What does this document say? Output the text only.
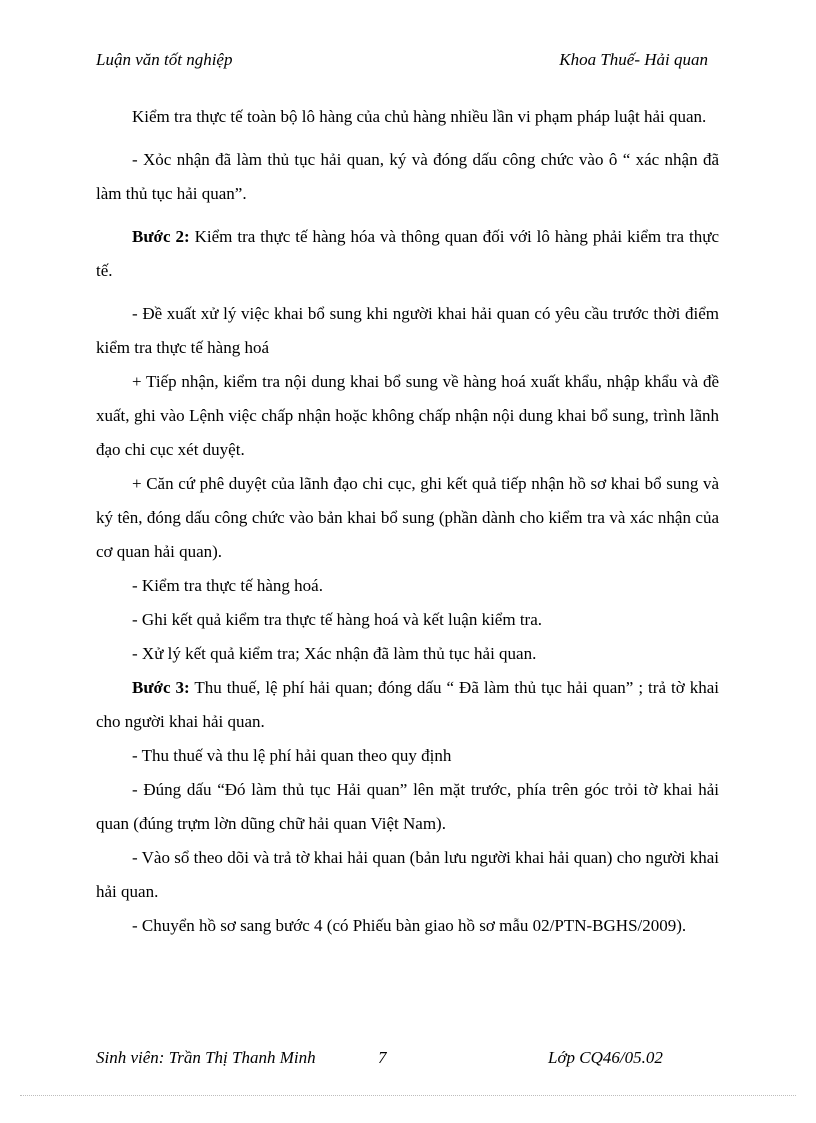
Luận văn tốt nghiệp	Khoa Thuế- Hải quan

Kiểm tra thực tế toàn bộ lô hàng của chủ hàng nhiều lần vi phạm pháp luật hải quan.

- Xỏc nhận đã làm thủ tục hải quan, ký và đóng dấu công chức vào ô “ xác nhận đã làm thủ tục hải quan”.

Bước 2: Kiểm tra thực tế hàng hóa và thông quan đối với lô hàng phải kiểm tra thực tế.

- Đề xuất xử lý việc khai bổ sung khi người khai hải quan có yêu cầu trước thời điểm kiểm tra thực tế hàng hoá

+ Tiếp nhận, kiểm tra nội dung khai bổ sung về hàng hoá xuất khẩu, nhập khẩu và đề xuất, ghi vào Lệnh việc chấp nhận hoặc không chấp nhận nội dung khai bổ sung, trình lãnh đạo chi cục xét duyệt.

+ Căn cứ phê duyệt của lãnh đạo chi cục, ghi kết quả tiếp nhận hồ sơ khai bổ sung và ký tên, đóng dấu công chức vào bản khai bổ sung (phần dành cho kiểm tra và xác nhận của cơ quan hải quan).

- Kiểm tra thực tế hàng hoá.

- Ghi kết quả kiểm tra thực tế hàng hoá và kết luận kiểm tra.

- Xử lý kết quả kiểm tra; Xác nhận đã làm thủ tục hải quan.

Bước 3: Thu thuế, lệ phí hải quan; đóng dấu “ Đã làm thủ tục hải quan” ; trả tờ khai cho người khai hải quan.

- Thu thuế và thu lệ phí hải quan theo quy định

- Đúng dấu “Đó làm thủ tục Hải quan” lên mặt trước, phía trên góc trỏi tờ khai hải quan (đúng trựm lờn dũng chữ hải quan Việt Nam).

- Vào sổ theo dõi và trả tờ khai hải quan (bản lưu người khai hải quan) cho người khai hải quan.

- Chuyển hồ sơ sang bước 4 (có Phiếu bàn giao hồ sơ mẫu 02/PTN-BGHS/2009).

Sinh viên: Trần Thị Thanh Minh	7	Lớp CQ46/05.02
